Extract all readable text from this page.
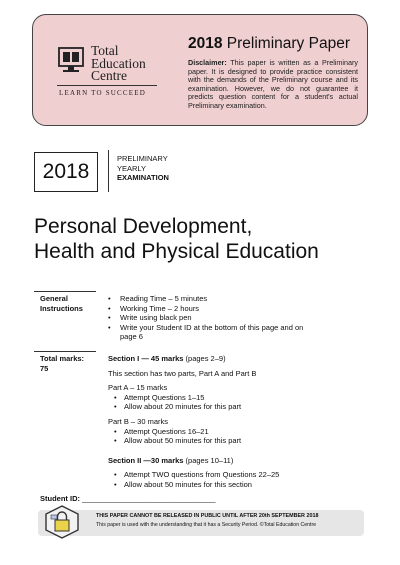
Total
Education
Centre
LEARN TO SUCCEED
2018 Preliminary Paper
Disclaimer: This paper is written as a Preliminary paper. It is designed to provide practice consistent with the demands of the Preliminary course and its examination. However, we do not guarantee it predicts question content for a student's actual Preliminary examination.
2018
PRELIMINARY
YEARLY
EXAMINATION
Personal Development,
Health and Physical Education
General Instructions
• Reading Time – 5 minutes
• Working Time – 2 hours
• Write using black pen
• Write your Student ID at the bottom of this page and on page 6
Total marks:
75
Section I — 45 marks (pages 2–9)
This section has two parts, Part A and Part B
Part A – 15 marks
• Attempt Questions 1–15
• Allow about 20 minutes for this part
Part B – 30 marks
• Attempt Questions 16–21
• Allow about 50 minutes for this part
Section II —30 marks (pages 10–11)
• Attempt TWO questions from Questions 22–25
• Allow about 50 minutes for this section
Student ID: ________________________________
THIS PAPER CANNOT BE RELEASED IN PUBLIC UNTIL AFTER 20th SEPTEMBER 2018
This paper is used with the understanding that it has a Security Period. ©Total Education Centre
